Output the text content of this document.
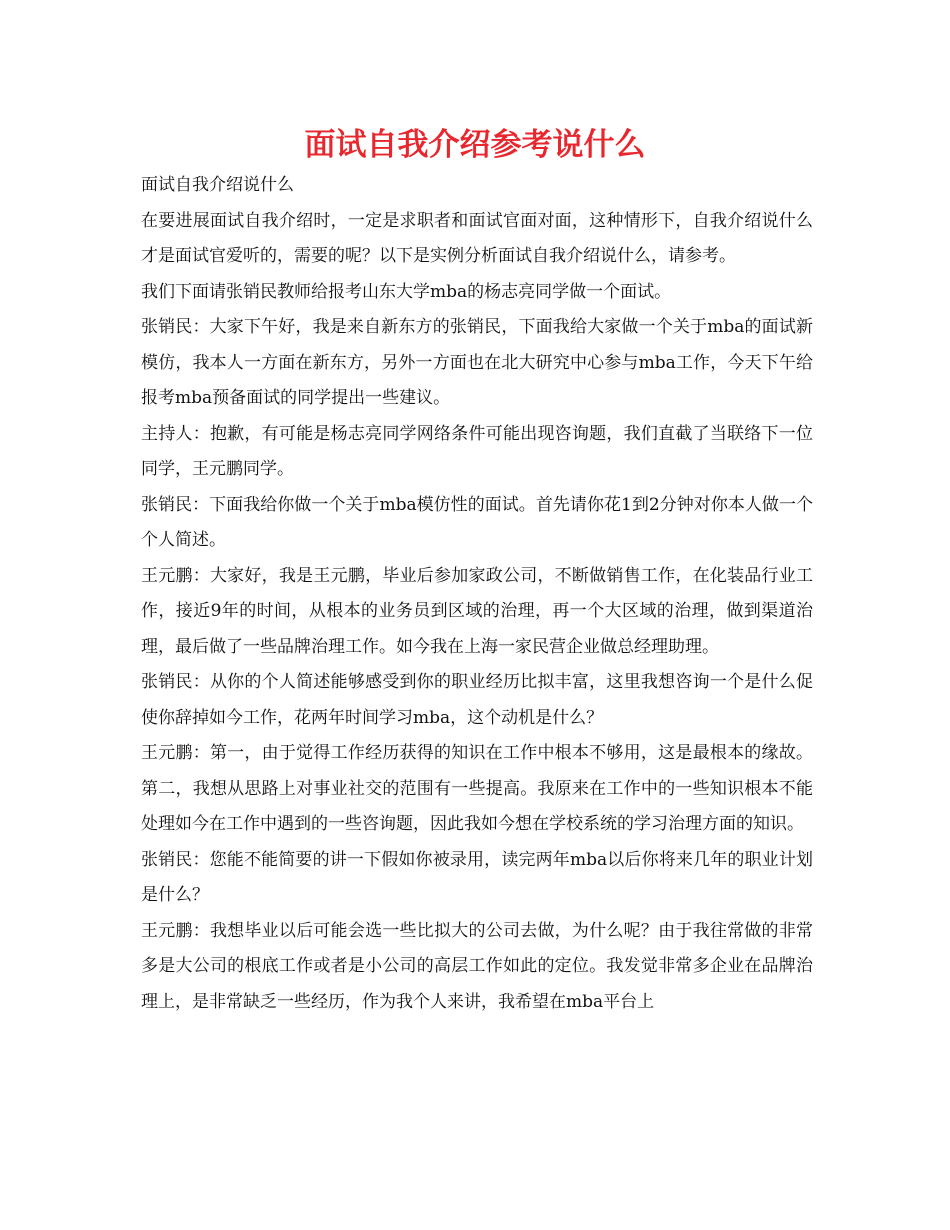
面试自我介绍参考说什么

面试自我介绍说什么

在要进展面试自我介绍时，一定是求职者和面试官面对面，这种情形下，自我介绍说什么才是面试官爱听的，需要的呢？以下是实例分析面试自我介绍说什么，请参考。

我们下面请张销民教师给报考山东大学mba的杨志亮同学做一个面试。

张销民：大家下午好，我是来自新东方的张销民，下面我给大家做一个关于mba的面试新模仿，我本人一方面在新东方，另外一方面也在北大研究中心参与mba工作，今天下午给报考mba预备面试的同学提出一些建议。

主持人：抱歉，有可能是杨志亮同学网络条件可能出现咨询题，我们直截了当联络下一位同学，王元鹏同学。

张销民：下面我给你做一个关于mba模仿性的面试。首先请你花1到2分钟对你本人做一个个人简述。

王元鹏：大家好，我是王元鹏，毕业后参加家政公司，不断做销售工作，在化装品行业工作，接近9年的时间，从根本的业务员到区域的治理，再一个大区域的治理，做到渠道治理，最后做了一些品牌治理工作。如今我在上海一家民营企业做总经理助理。

张销民：从你的个人简述能够感受到你的职业经历比拟丰富，这里我想咨询一个是什么促使你辞掉如今工作，花两年时间学习mba，这个动机是什么？

王元鹏：第一，由于觉得工作经历获得的知识在工作中根本不够用，这是最根本的缘故。第二，我想从思路上对事业社交的范围有一些提高。我原来在工作中的一些知识根本不能处理如今在工作中遇到的一些咨询题，因此我如今想在学校系统的学习治理方面的知识。

张销民：您能不能简要的讲一下假如你被录用，读完两年mba以后你将来几年的职业计划是什么？

王元鹏：我想毕业以后可能会选一些比拟大的公司去做，为什么呢？由于我往常做的非常多是大公司的根底工作或者是小公司的高层工作如此的定位。我发觉非常多企业在品牌治理上，是非常缺乏一些经历，作为我个人来讲，我希望在mba平台上
